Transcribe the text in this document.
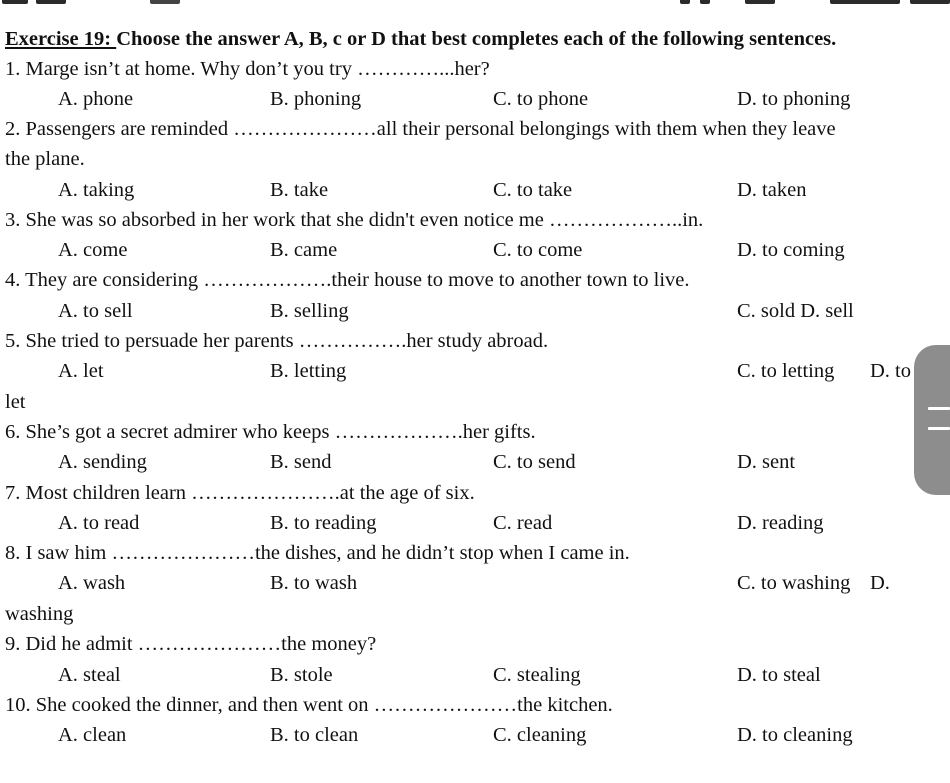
Exercise 19: Choose the answer A, B, c or D that best completes each of the following sentences.
1. Marge isn’t at home. Why don’t you try …………...her?
A. phone	B. phoning	C. to phone	D. to phoning
2. Passengers are reminded …………………all their personal belongings with them when they leave
the plane.
A. taking	B. take	C. to take	D. taken
3. She was so absorbed in her work that she didn't even notice me ………………..in.
A. come	B. came	C. to come	D. to coming
4. They are considering ……………….their house to move to another town to live.
A. to sell	B. selling	C. sold D. sell
5. She tried to persuade her parents …………….her study abroad.
A. let	B. letting	C. to letting D. to
let
6. She’s got a secret admirer who keeps ……………….her gifts.
A. sending	B. send	C. to send	D. sent
7. Most children learn ………………….at the age of six.
A. to read	B. to reading	C. read	D. reading
8. I saw him …………………the dishes, and he didn’t stop when I came in.
A. wash	B. to wash	C. to washing D.
washing
9. Did he admit …………………the money?
A. steal	B. stole	C. stealing	D. to steal
10. She cooked the dinner, and then went on …………………the kitchen.
A. clean	B. to clean	C. cleaning	D. to cleaning
